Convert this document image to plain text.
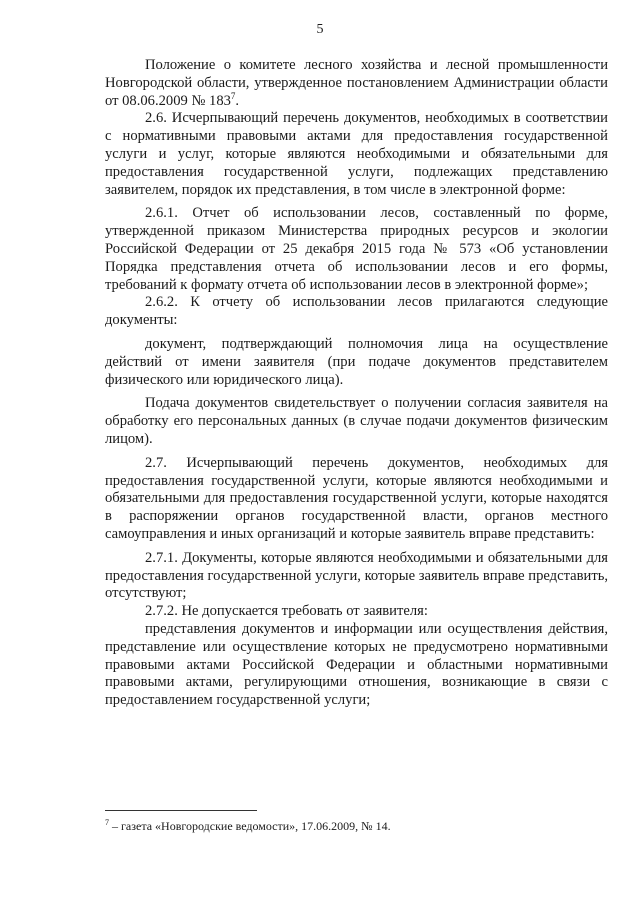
5

Положение о комитете лесного хозяйства и лесной промышленности Новгородской области, утвержденное постановлением Администрации области от 08.06.2009 № $183^7$.

2.6. Исчерпывающий перечень документов, необходимых в соответствии с нормативными правовыми актами для предоставления государственной услуги и услуг, которые являются необходимыми и обязательными для предоставления государственной услуги, подлежащих представлению заявителем, порядок их представления, в том числе в электронной форме:

2.6.1. Отчет об использовании лесов, составленный по форме, утвержденной приказом Министерства природных ресурсов и экологии Российской Федерации от 25 декабря 2015 года № 573 «Об установлении Порядка представления отчета об использовании лесов и его формы, требований к формату отчета об использовании лесов в электронной форме»;

2.6.2. К отчету об использовании лесов прилагаются следующие документы:

документ, подтверждающий полномочия лица на осуществление действий от имени заявителя (при подаче документов представителем физического или юридического лица).

Подача документов свидетельствует о получении согласия заявителя на обработку его персональных данных (в случае подачи документов физическим лицом).

2.7. Исчерпывающий перечень документов, необходимых для предоставления государственной услуги, которые являются необходимыми и обязательными для предоставления государственной услуги, которые находятся в распоряжении органов государственной власти, органов местного самоуправления и иных организаций и которые заявитель вправе представить:

2.7.1. Документы, которые являются необходимыми и обязательными для предоставления государственной услуги, которые заявитель вправе представить, отсутствуют;

2.7.2. Не допускается требовать от заявителя:

представления документов и информации или осуществления действия, представление или осуществление которых не предусмотрено нормативными правовыми актами Российской Федерации и областными нормативными правовыми актами, регулирующими отношения, возникающие в связи с предоставлением государственной услуги;

$^7$ – газета «Новгородские ведомости», 17.06.2009, № 14.
